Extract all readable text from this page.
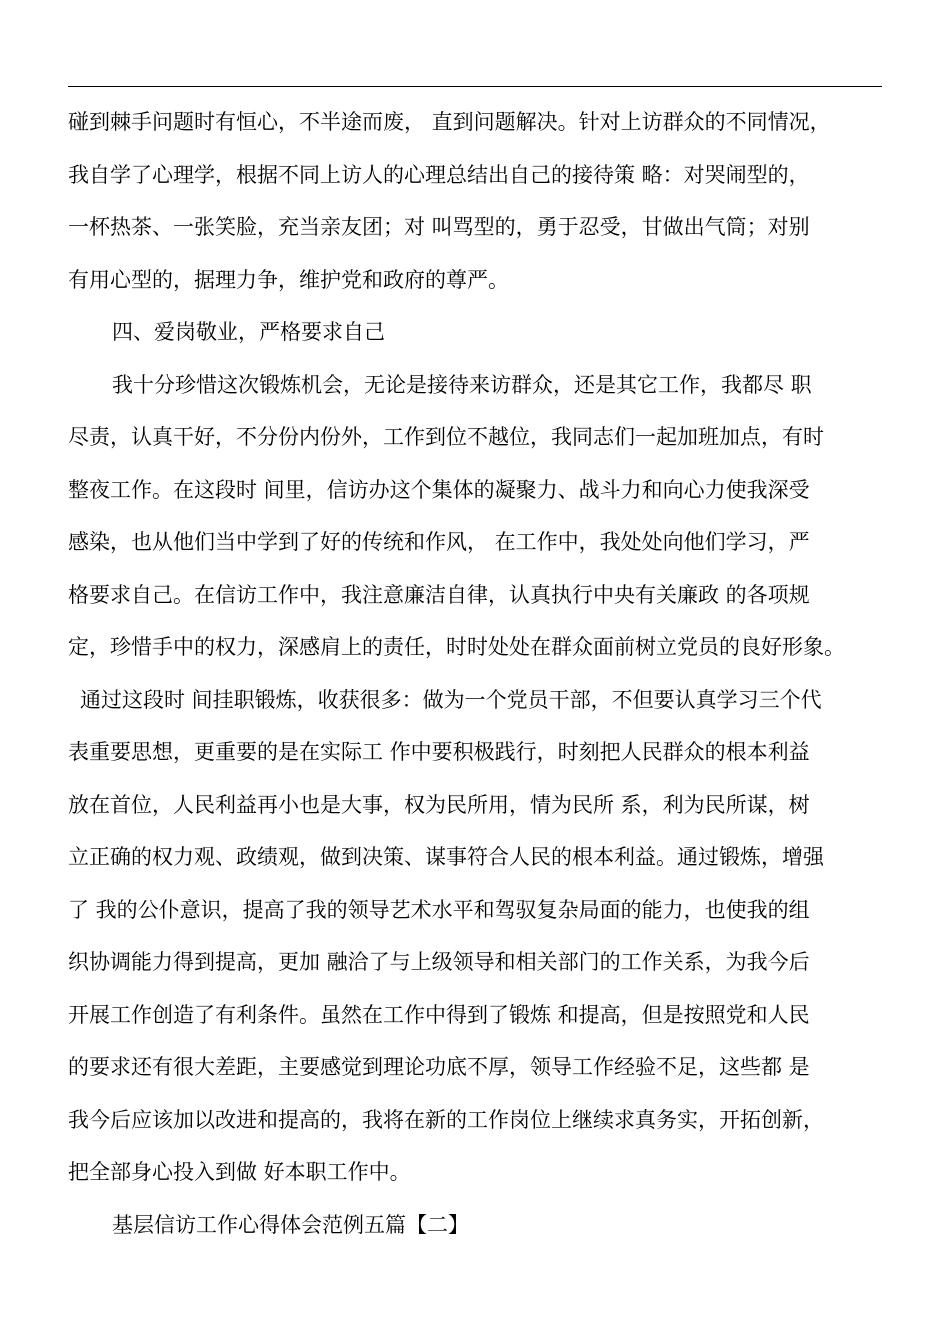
碰到棘手问题时有恒心，不半途而废， 直到问题解决。针对上访群众的不同情况，
我自学了心理学，根据不同上访人的心理总结出自己的接待策 略：对哭闹型的，
一杯热茶、一张笑脸，充当亲友团；对 叫骂型的，勇于忍受，甘做出气筒；对别
有用心型的，据理力争，维护党和政府的尊严。
四、爱岗敬业，严格要求自己
我十分珍惜这次锻炼机会，无论是接待来访群众，还是其它工作，我都尽 职
尽责，认真干好，不分份内份外，工作到位不越位，我同志们一起加班加点，有时
整夜工作。在这段时 间里，信访办这个集体的凝聚力、战斗力和向心力使我深受
感染，也从他们当中学到了好的传统和作风， 在工作中，我处处向他们学习，严
格要求自己。在信访工作中，我注意廉洁自律，认真执行中央有关廉政 的各项规
定，珍惜手中的权力，深感肩上的责任，时时处处在群众面前树立党员的良好形象。
通过这段时 间挂职锻炼，收获很多：做为一个党员干部，不但要认真学习三个代
表重要思想，更重要的是在实际工 作中要积极践行，时刻把人民群众的根本利益
放在首位，人民利益再小也是大事，权为民所用，情为民所 系，利为民所谋，树
立正确的权力观、政绩观，做到决策、谋事符合人民的根本利益。通过锻炼，增强
了 我的公仆意识，提高了我的领导艺术水平和驾驭复杂局面的能力，也使我的组
织协调能力得到提高，更加 融洽了与上级领导和相关部门的工作关系，为我今后
开展工作创造了有利条件。虽然在工作中得到了锻炼 和提高，但是按照党和人民
的要求还有很大差距，主要感觉到理论功底不厚，领导工作经验不足，这些都 是
我今后应该加以改进和提高的，我将在新的工作岗位上继续求真务实，开拓创新，
把全部身心投入到做 好本职工作中。
基层信访工作心得体会范例五篇【二】
